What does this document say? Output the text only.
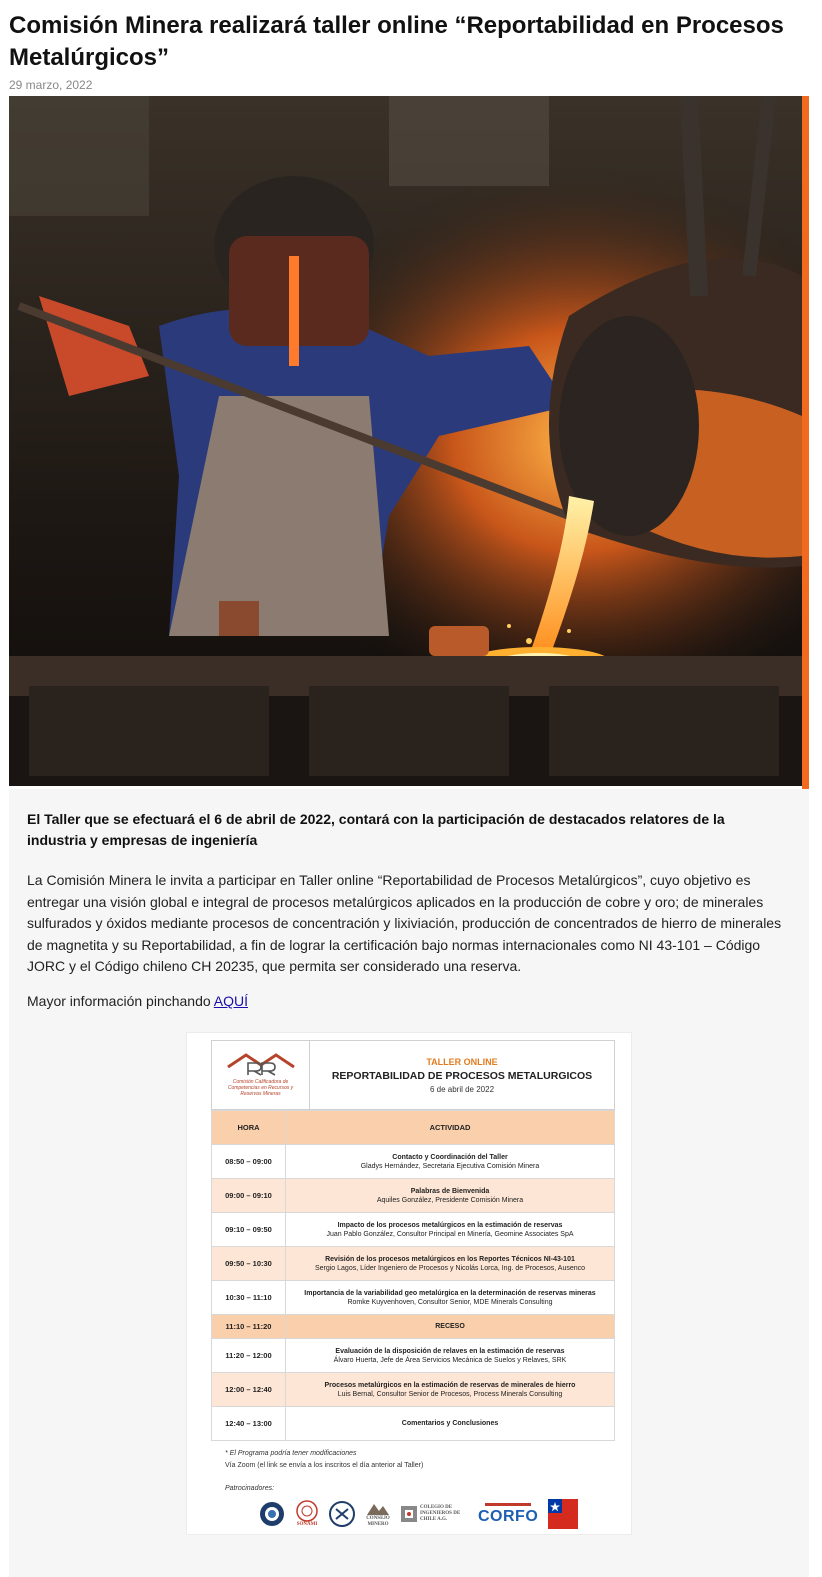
Comisión Minera realizará taller online “Reportabilidad en Procesos Metalúrgicos”
29 marzo, 2022

El Taller que se efectuará el 6 de abril de 2022, contará con la participación de destacados relatores de la industria y empresas de ingeniería

La Comisión Minera le invita a participar en Taller online “Reportabilidad de Procesos Metalúrgicos”, cuyo objetivo es entregar una visión global e integral de procesos metalúrgicos aplicados en la producción de cobre y oro; de minerales sulfurados y óxidos mediante procesos de concentración y lixiviación, producción de concentrados de hierro de minerales de magnetita y su Reportabilidad, a fin de lograr la certificación bajo normas internacionales como NI 43-101 – Código JORC y el Código chileno CH 20235, que permita ser considerado una reserva.

Mayor información pinchando AQUÍ

Comisión Calificadora de Competencias en Recursos y Reservas Mineras
TALLER ONLINE
REPORTABILIDAD DE PROCESOS METALURGICOS
6 de abril de 2022
HORA	ACTIVIDAD
08:50 – 09:00	Contacto y Coordinación del Taller
Gladys Hernández, Secretaria Ejecutiva Comisión Minera

09:00 – 09:10	Palabras de Bienvenida
Aquiles González, Presidente Comisión Minera

09:10 – 09:50	Impacto de los procesos metalúrgicos en la estimación de reservas
Juan Pablo González, Consultor Principal en Minería, Geomine Associates SpA

09:50 – 10:30	Revisión de los procesos metalúrgicos en los Reportes Técnicos NI-43-101
Sergio Lagos, Líder Ingeniero de Procesos y Nicolás Lorca, Ing. de Procesos, Ausenco

10:30 – 11:10	Importancia de la variabilidad geo metalúrgica en la determinación de reservas mineras
Romke Kuyvenhoven, Consultor Senior, MDE Minerals Consulting

11:10 – 11:20	RECESO

11:20 – 12:00	Evaluación de la disposición de relaves en la estimación de reservas
Álvaro Huerta, Jefe de Área Servicios Mecánica de Suelos y Relaves, SRK

12:00 – 12:40	Procesos metalúrgicos en la estimación de reservas de minerales de hierro
Luis Bernal, Consultor Senior de Procesos, Process Minerals Consulting

12:40 – 13:00	Comentarios y Conclusiones
* El Programa podría tener modificaciones
Vía Zoom (el link se envía a los inscritos el día anterior al Taller)
Patrocinadores:
SONAMI
CONSEJO MINERO
COLEGIO DE INGENIEROS DE CHILE A.G.	CORFO
